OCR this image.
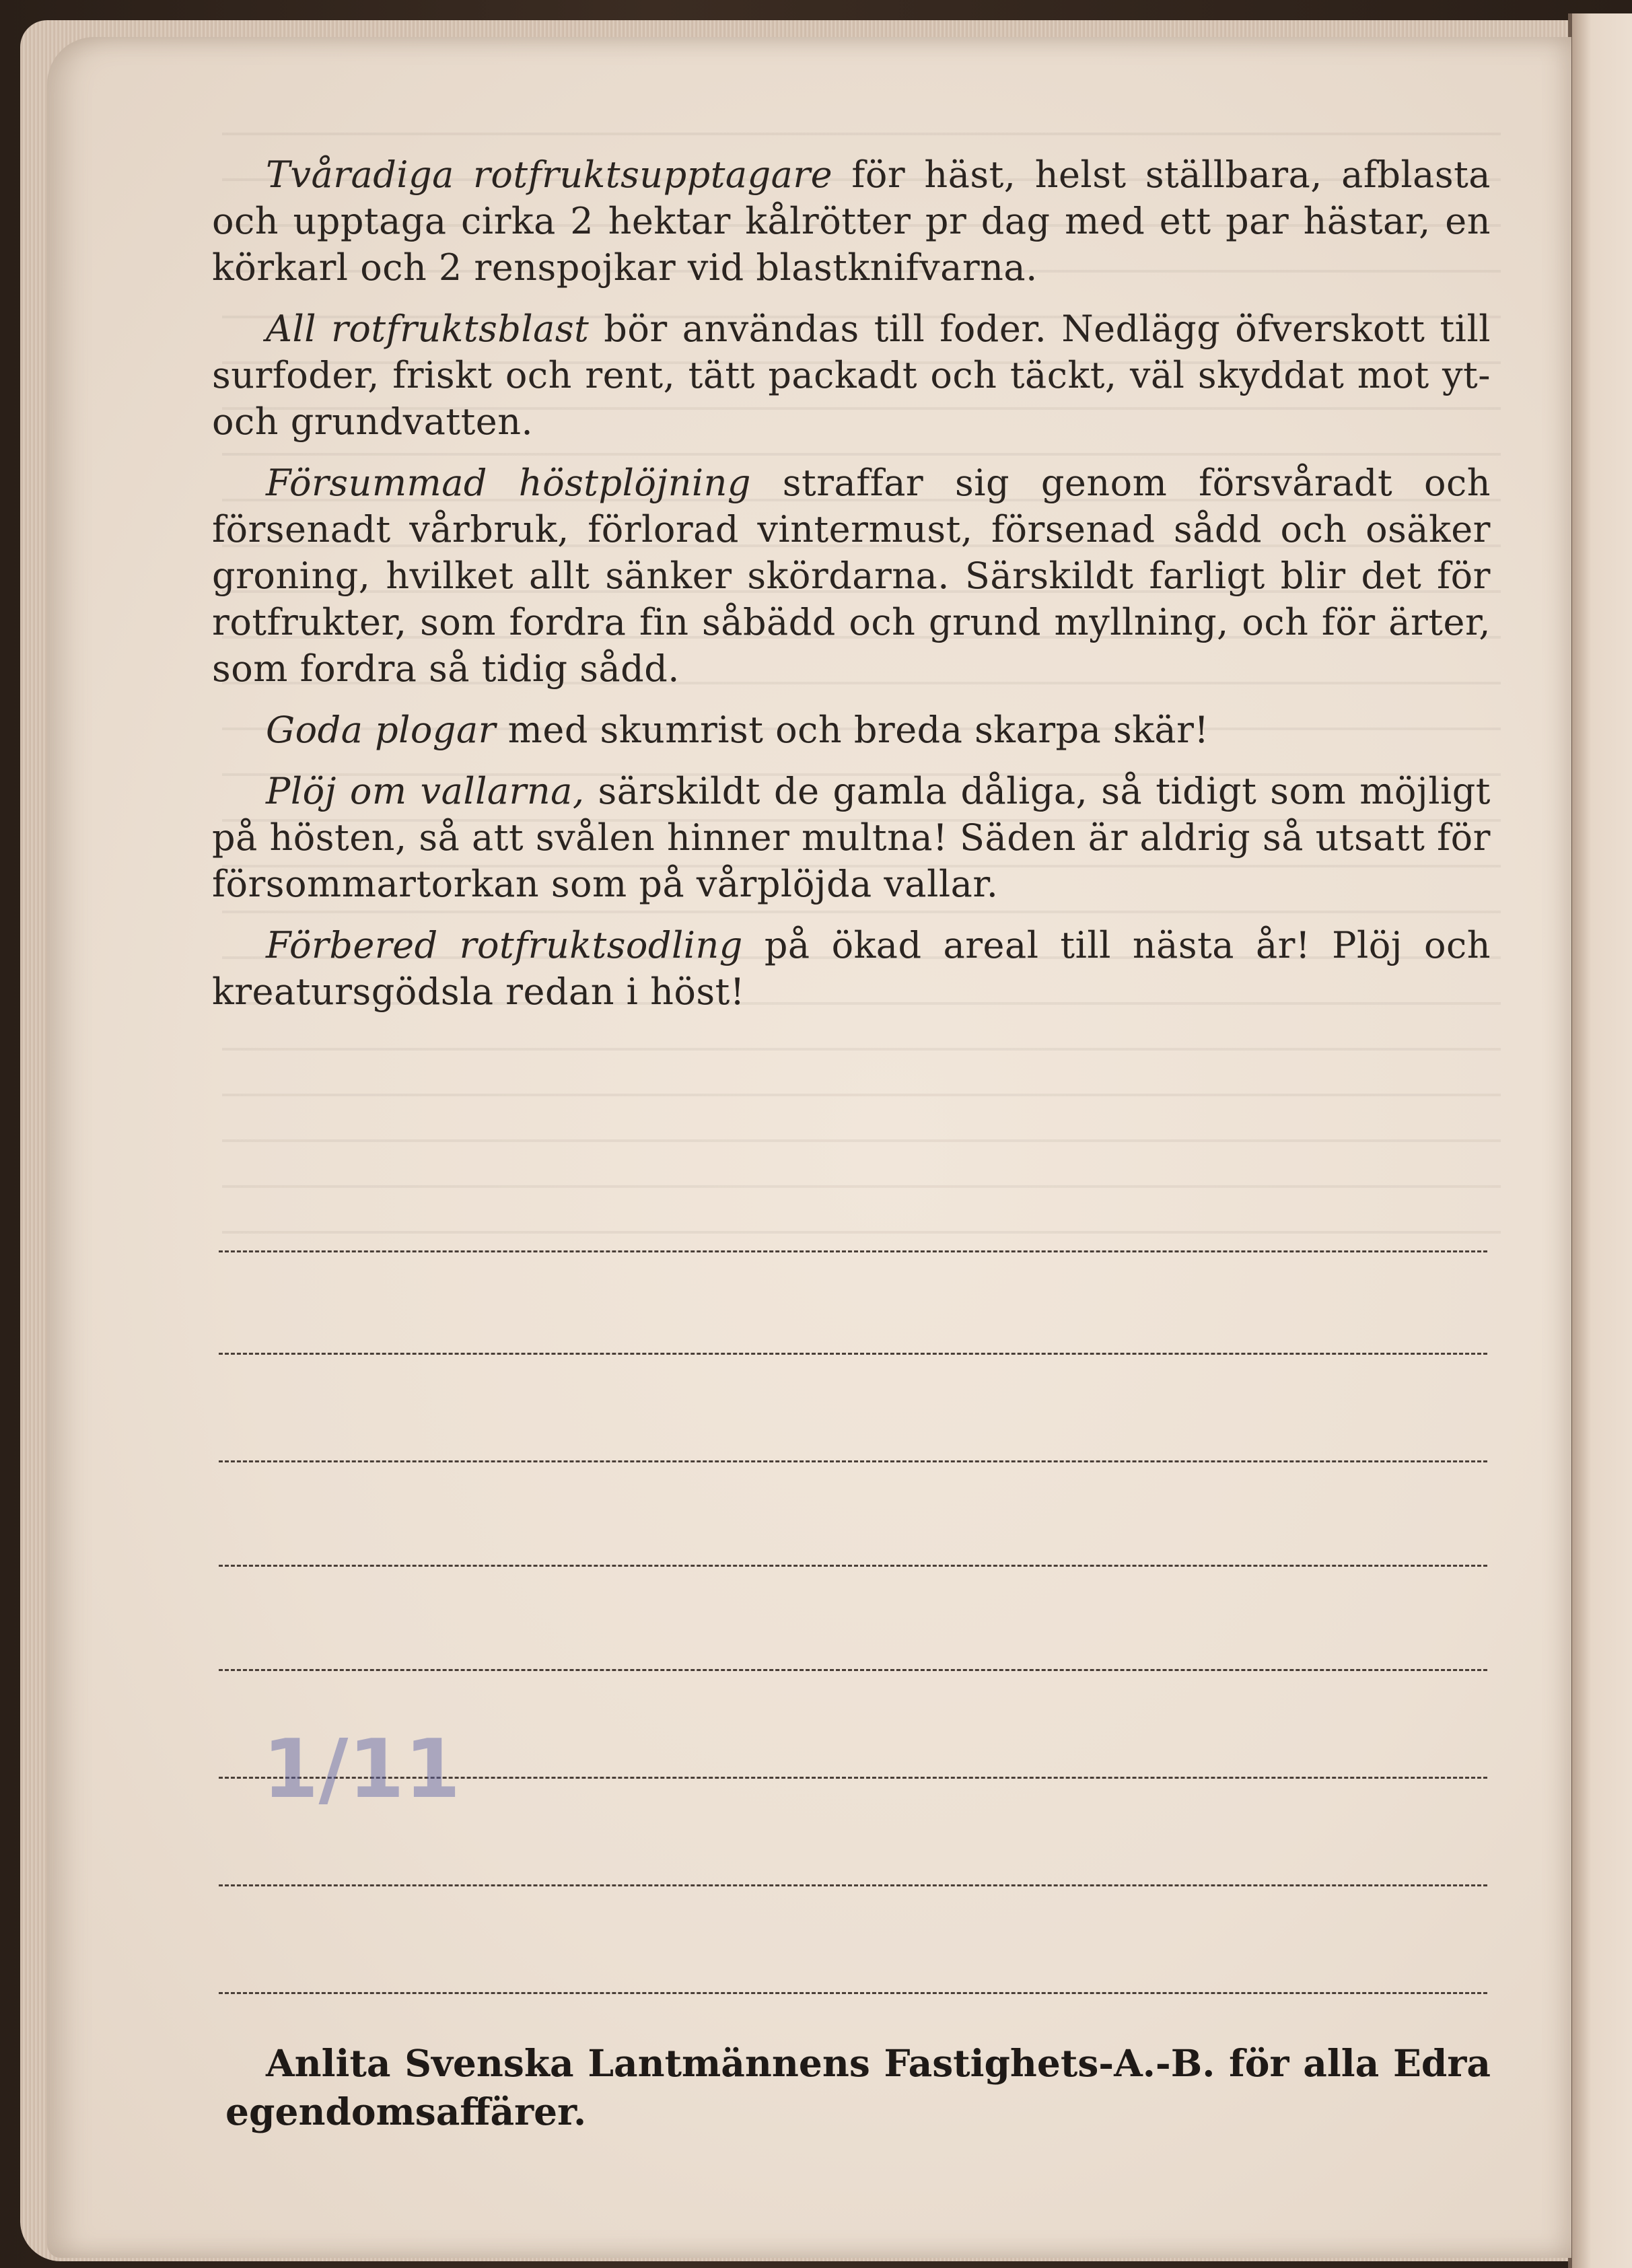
Tvåradiga rotfruktsupptagare för häst, helst ställbara, afblasta och upptaga cirka 2 hektar kålrötter pr dag med ett par hästar, en körkarl och 2 renspojkar vid blastknifvarna.

All rotfruktsblast bör användas till foder. Nedlägg öfverskott till surfoder, friskt och rent, tätt packadt och täckt, väl skyddat mot yt- och grundvatten.

Försummad höstplöjning straffar sig genom försvåradt och försenadt vårbruk, förlorad vintermust, försenad sådd och osäker groning, hvilket allt sänker skördarna. Särskildt farligt blir det för rotfrukter, som fordra fin såbädd och grund myllning, och för ärter, som fordra så tidig sådd.

Goda plogar med skumrist och breda skarpa skär!

Plöj om vallarna, särskildt de gamla dåliga, så tidigt som möjligt på hösten, så att svålen hinner multna! Säden är aldrig så utsatt för försommartorkan som på vårplöjda vallar.

Förbered rotfruktsodling på ökad areal till nästa år! Plöj och kreatursgödsla redan i höst!

1/11
Anlita Svenska Lantmännens Fastighets-A.-B. för alla Edra egendomsaffärer.
